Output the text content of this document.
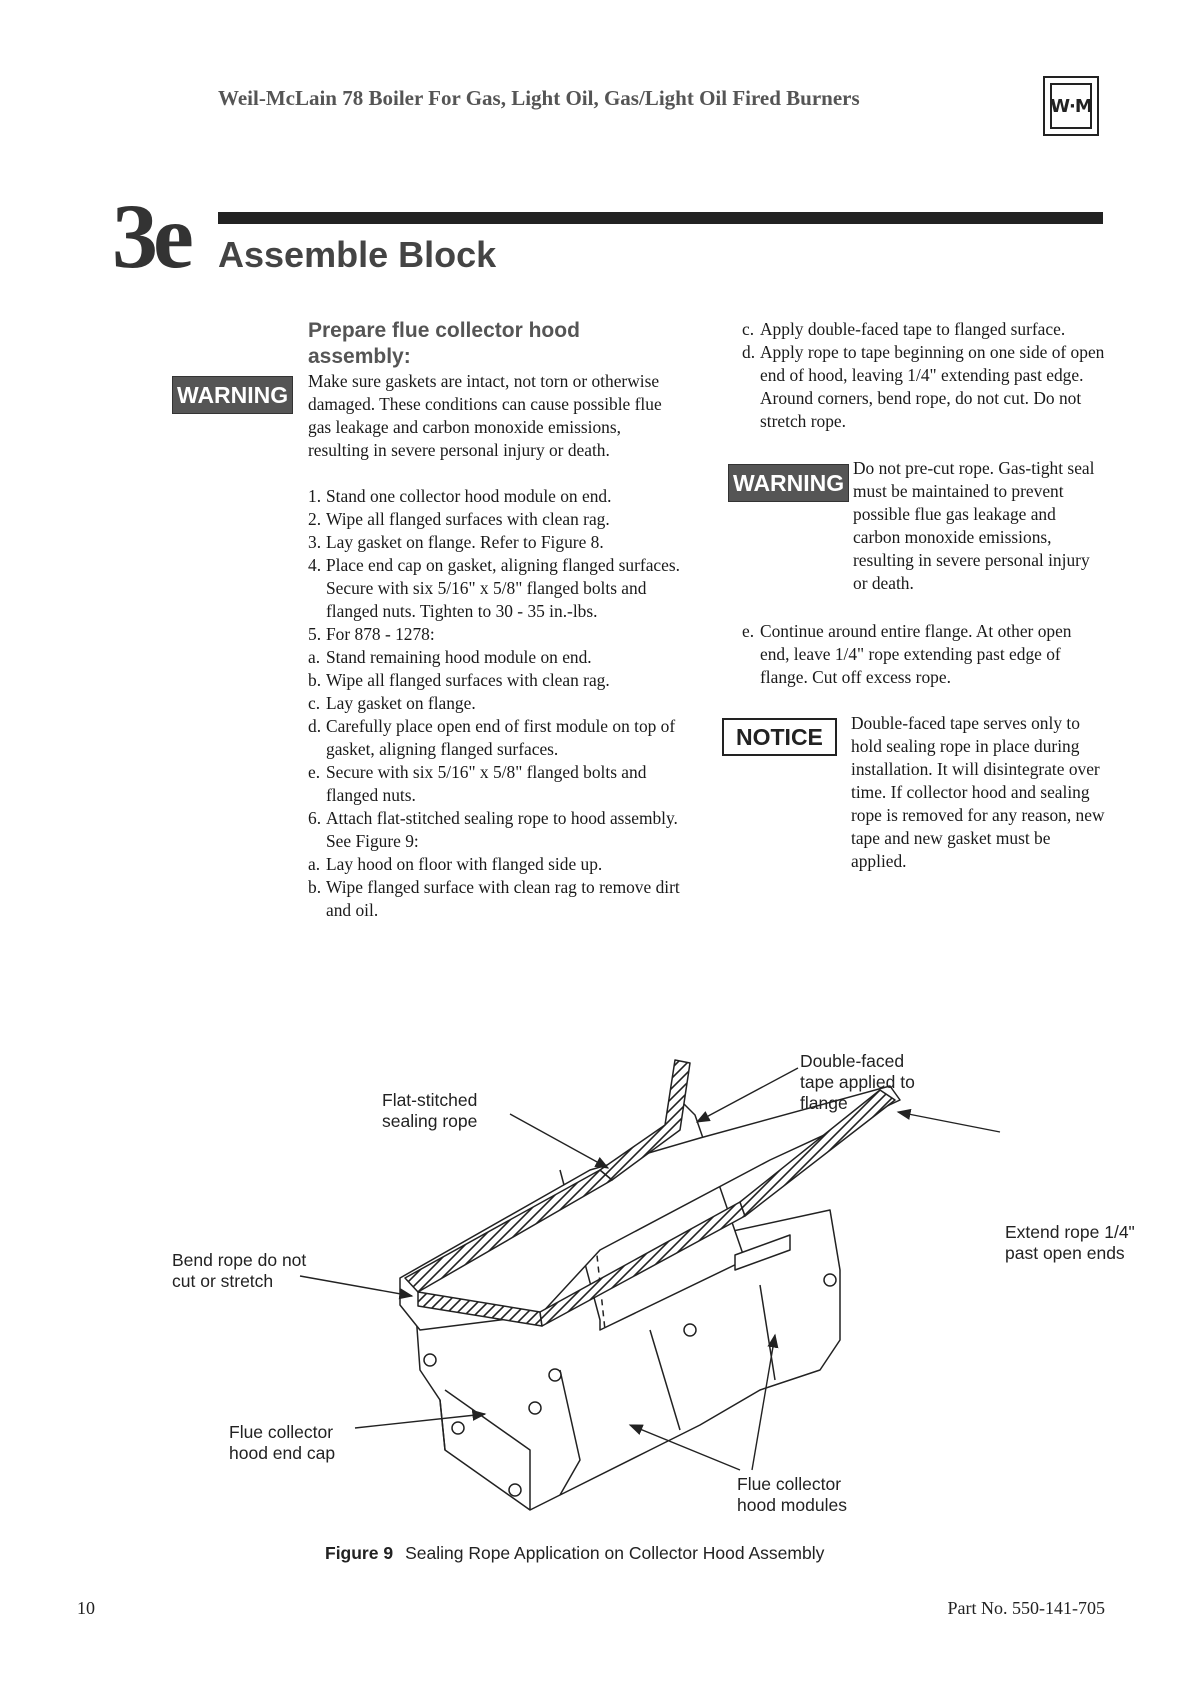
Weil-McLain 78 Boiler For Gas, Light Oil, Gas/Light Oil Fired Burners	W·M
3e Assemble Block
WARNING

Prepare flue collector hood assembly:

Make sure gaskets are intact, not torn or otherwise damaged. These conditions can cause possible flue gas leakage and carbon monoxide emissions, resulting in severe personal injury or death.

1. Stand one collector hood module on end.
2. Wipe all flanged surfaces with clean rag.
3. Lay gasket on flange. Refer to Figure 8.
4. Place end cap on gasket, aligning flanged surfaces. Secure with six 5/16" x 5/8" flanged bolts and flanged nuts. Tighten to 30 - 35 in.-lbs.
5. For 878 - 1278:
a. Stand remaining hood module on end.
b. Wipe all flanged surfaces with clean rag.
c. Lay gasket on flange.
d. Carefully place open end of first module on top of gasket, aligning flanged surfaces.
e. Secure with six 5/16" x 5/8" flanged bolts and flanged nuts.
6. Attach flat-stitched sealing rope to hood assembly. See Figure 9:
a. Lay hood on floor with flanged side up.
b. Wipe flanged surface with clean rag to remove dirt and oil.
c. Apply double-faced tape to flanged surface.
d. Apply rope to tape beginning on one side of open end of hood, leaving 1/4" extending past edge. Around corners, bend rope, do not cut. Do not stretch rope.
WARNING
Do not pre-cut rope. Gas-tight seal must be maintained to prevent possible flue gas leakage and carbon monoxide emissions, resulting in severe personal injury or death.
e. Continue around entire flange. At other open end, leave 1/4" rope extending past edge of flange. Cut off excess rope.
NOTICE
Double-faced tape serves only to hold sealing rope in place during installation. It will disintegrate over time. If collector hood and sealing rope is removed for any reason, new tape and new gasket must be applied.
Flat-stitched
sealing rope
Double-faced
tape applied to
flange
Extend rope 1/4"
past open ends
Bend rope do not
cut or stretch
Flue collector
hood end cap
Flue collector
hood modules
Figure 9 Sealing Rope Application on Collector Hood Assembly
10	Part No. 550-141-705
